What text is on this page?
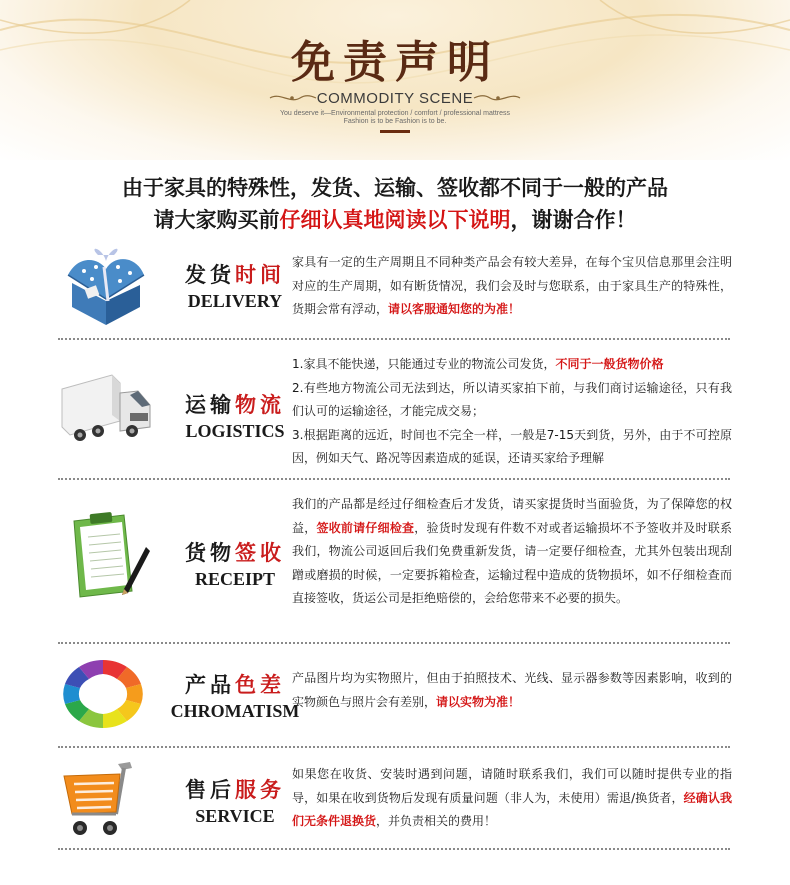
免责声明
COMMODITY SCENE
You deserve it—Environmental protection / comfort / professional mattress
Fashion is to be Fashion is to be.
由于家具的特殊性，发货、运输、签收都不同于一般的产品
请大家购买前仔细认真地阅读以下说明，谢谢合作！
发货时间
DELIVERY
家具有一定的生产周期且不同种类产品会有较大差异，在每个宝贝信息那里会注明对应的生产周期，如有断货情况，我们会及时与您联系，由于家具生产的特殊性，货期会常有浮动，请以客服通知您的为准！
运输物流
LOGISTICS
1.家具不能快递，只能通过专业的物流公司发货，不同于一般货物价格
2.有些地方物流公司无法到达，所以请买家拍下前，与我们商讨运输途径，只有我们认可的运输途径，才能完成交易；
3.根据距离的远近，时间也不完全一样，一般是7-15天到货，另外，由于不可控原因，例如天气、路况等因素造成的延误，还请买家给予理解
货物签收
RECEIPT
我们的产品都是经过仔细检查后才发货，请买家提货时当面验货，为了保障您的权益，签收前请仔细检查，验货时发现有件数不对或者运输损坏不予签收并及时联系我们，物流公司返回后我们免费重新发货，请一定要仔细检查，尤其外包装出现刮蹭或磨损的时候，一定要拆箱检查，运输过程中造成的货物损坏，如不仔细检查而直接签收，货运公司是拒绝赔偿的，会给您带来不必要的损失。
产品色差
CHROMATISM
产品图片均为实物照片，但由于拍照技术、光线、显示器参数等因素影响，收到的实物颜色与照片会有差别，请以实物为准！
售后服务
SERVICE
如果您在收货、安装时遇到问题，请随时联系我们，我们可以随时提供专业的指导，如果在收到货物后发现有质量问题（非人为，未使用）需退/换货者，经确认我们无条件退换货，并负责相关的费用！
